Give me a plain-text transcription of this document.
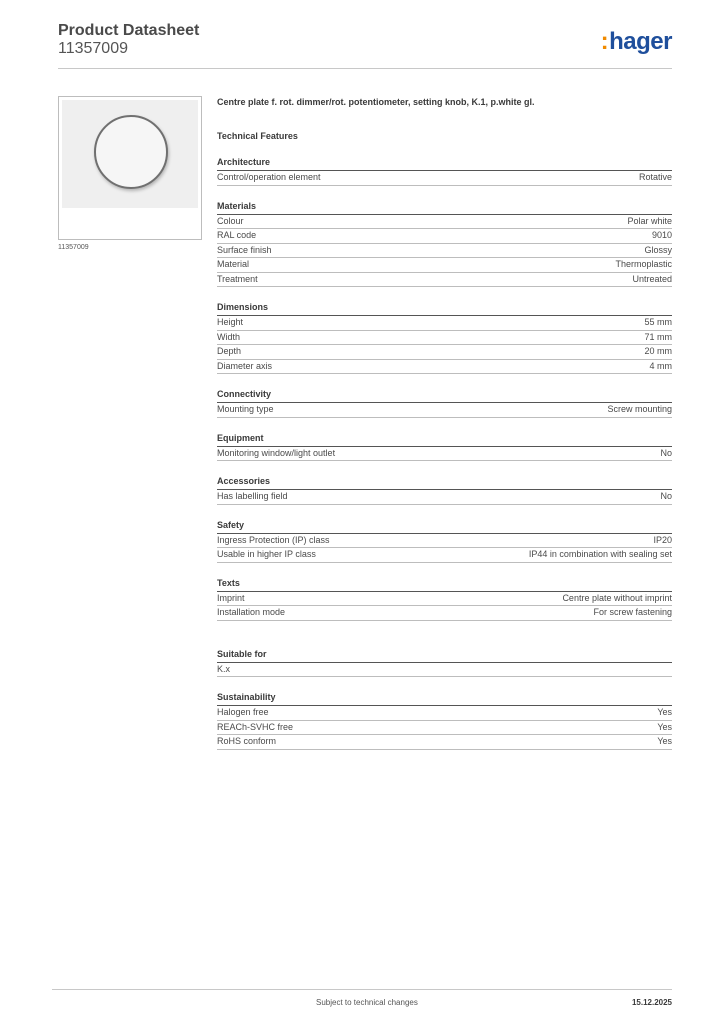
Product Datasheet
11357009	:hager
11357009

Centre plate f. rot. dimmer/rot. potentiometer, setting knob, K.1, p.white gl.

Technical Features

Architecture
Control/operation element	Rotative
Materials
Colour	Polar white
RAL code	9010
Surface finish	Glossy
Material	Thermoplastic
Treatment	Untreated
Dimensions
Height	55 mm
Width	71 mm
Depth	20 mm
Diameter axis	4 mm
Connectivity
Mounting type	Screw mounting
Equipment
Monitoring window/light outlet	No
Accessories
Has labelling field	No
Safety
Ingress Protection (IP) class	IP20
Usable in higher IP class	IP44 in combination with sealing set
Texts
Imprint	Centre plate without imprint
Installation mode	For screw fastening
Suitable for
K.x
Sustainability
Halogen free	Yes
REACh-SVHC free	Yes
RoHS conform	Yes
Subject to technical changes	15.12.2025
